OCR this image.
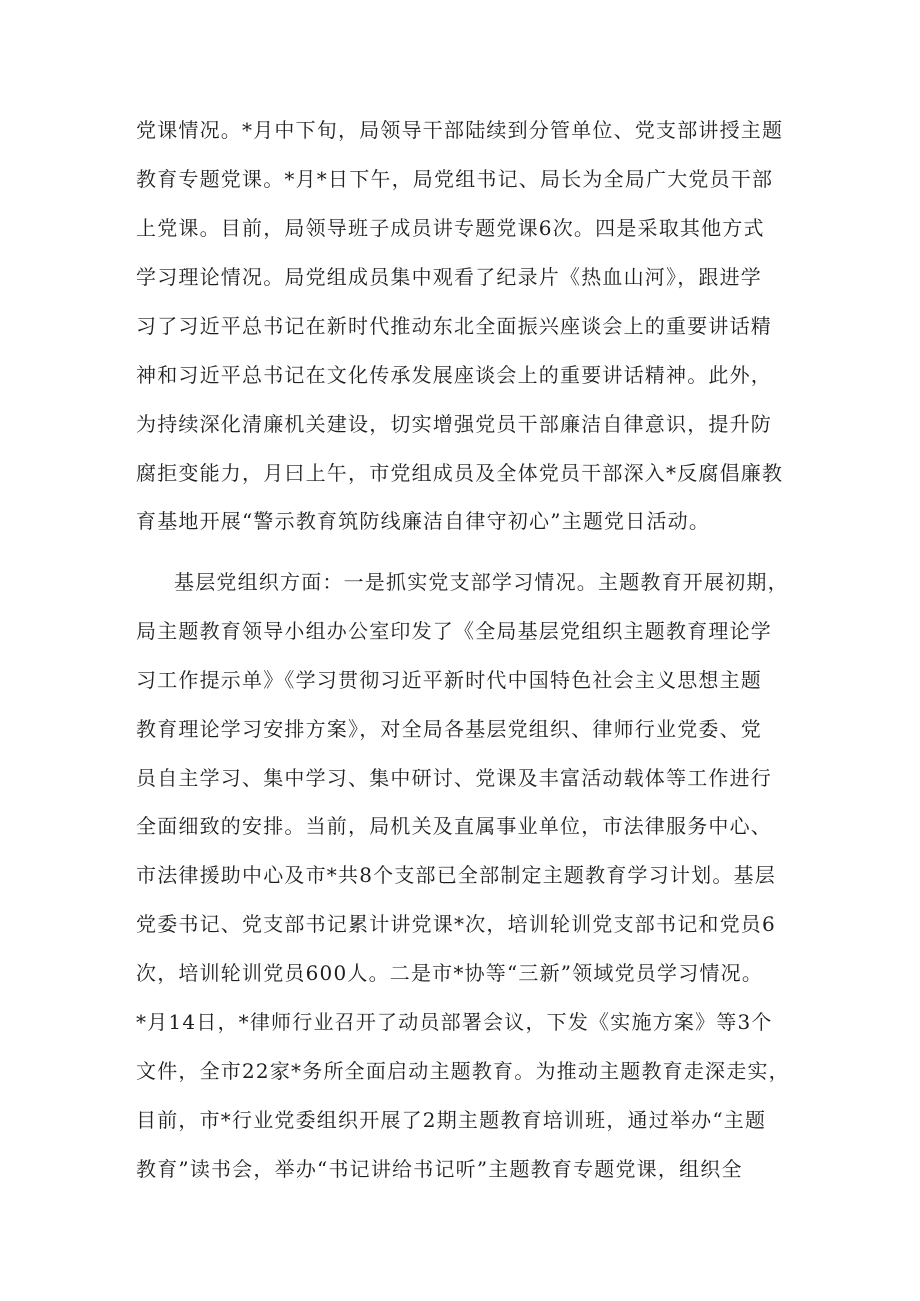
党课情况。*月中下旬，局领导干部陆续到分管单位、党支部讲授主题
教育专题党课。*月*日下午，局党组书记、局长为全局广大党员干部
上党课。目前，局领导班子成员讲专题党课6次。四是采取其他方式
学习理论情况。局党组成员集中观看了纪录片《热血山河》，跟进学
习了习近平总书记在新时代推动东北全面振兴座谈会上的重要讲话精
神和习近平总书记在文化传承发展座谈会上的重要讲话精神。此外，
为持续深化清廉机关建设，切实增强党员干部廉洁自律意识，提升防
腐拒变能力，月曰上午，市党组成员及全体党员干部深入*反腐倡廉教
育基地开展“警示教育筑防线廉洁自律守初心”主题党日活动。
基层党组织方面：一是抓实党支部学习情况。主题教育开展初期，
局主题教育领导小组办公室印发了《全局基层党组织主题教育理论学
习工作提示单》《学习贯彻习近平新时代中国特色社会主义思想主题
教育理论学习安排方案》，对全局各基层党组织、律师行业党委、党
员自主学习、集中学习、集中研讨、党课及丰富活动载体等工作进行
全面细致的安排。当前，局机关及直属事业单位，市法律服务中心、
市法律援助中心及市*共8个支部已全部制定主题教育学习计划。基层
党委书记、党支部书记累计讲党课*次，培训轮训党支部书记和党员6
次，培训轮训党员600人。二是市*协等“三新”领域党员学习情况。
*月14日，*律师行业召开了动员部署会议，下发《实施方案》等3个
文件，全市22家*务所全面启动主题教育。为推动主题教育走深走实，
目前，市*行业党委组织开展了2期主题教育培训班，通过举办“主题
教育”读书会，举办“书记讲给书记听”主题教育专题党课，组织全
